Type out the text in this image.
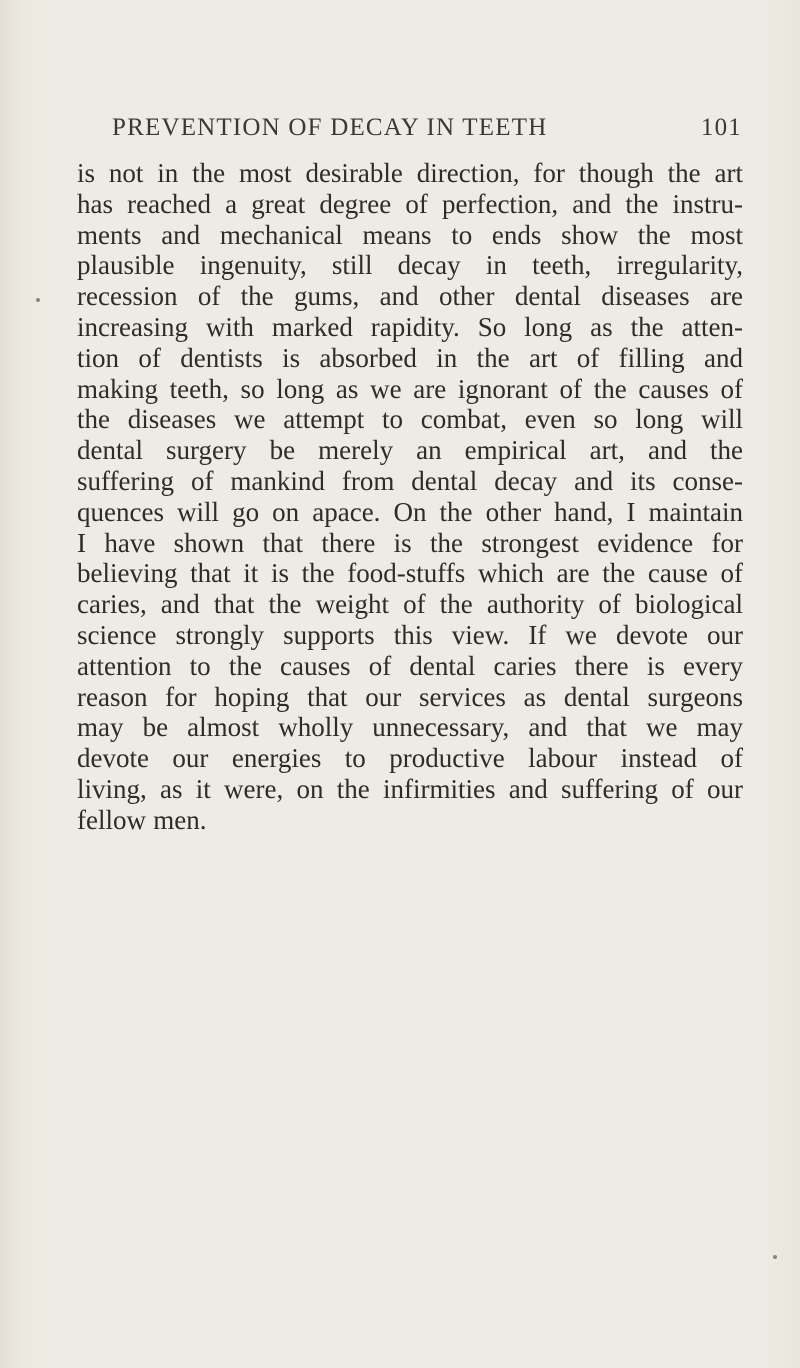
PREVENTION OF DECAY IN TEETH	101
is not in the most desirable direction, for though the art
has reached a great degree of perfection, and the instru-
ments and mechanical means to ends show the most
plausible ingenuity, still decay in teeth, irregularity,
recession of the gums, and other dental diseases are
increasing with marked rapidity. So long as the atten-
tion of dentists is absorbed in the art of filling and
making teeth, so long as we are ignorant of the causes of
the diseases we attempt to combat, even so long will
dental surgery be merely an empirical art, and the
suffering of mankind from dental decay and its conse-
quences will go on apace. On the other hand, I maintain
I have shown that there is the strongest evidence for
believing that it is the food-stuffs which are the cause of
caries, and that the weight of the authority of biological
science strongly supports this view. If we devote our
attention to the causes of dental caries there is every
reason for hoping that our services as dental surgeons
may be almost wholly unnecessary, and that we may
devote our energies to productive labour instead of
living, as it were, on the infirmities and suffering of our
fellow men.
